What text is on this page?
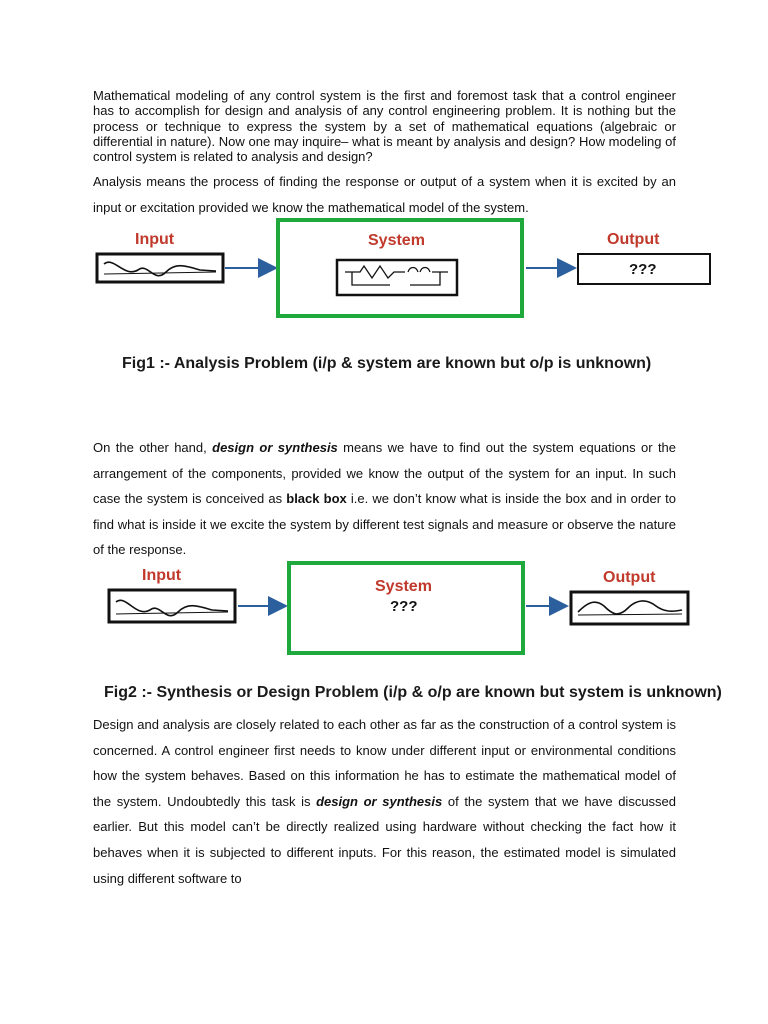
Mathematical modeling of any control system is the first and foremost task that a control engineer has to accomplish for design and analysis of any control engineering problem. It is nothing but the process or technique to express the system by a set of mathematical equations (algebraic or differential in nature). Now one may inquire– what is meant by analysis and design? How modeling of control system is related to analysis and design?

Analysis means the process of finding the response or output of a system when it is excited by an input or excitation provided we know the mathematical model of the system.

Input	System	Output
???

Fig1 :- Analysis Problem (i/p & system are known but o/p is unknown)

On the other hand, design or synthesis means we have to find out the system equations or the arrangement of the components, provided we know the output of the system for an input. In such case the system is conceived as black box i.e. we don’t know what is inside the box and in order to find what is inside it we excite the system by different test signals and measure or observe the nature of the response.

Input
System
???
Output

Fig2 :- Synthesis or Design Problem (i/p & o/p are known but system is unknown)

Design and analysis are closely related to each other as far as the construction of a control system is concerned. A control engineer first needs to know under different input or environmental conditions how the system behaves. Based on this information he has to estimate the mathematical model of the system. Undoubtedly this task is design or synthesis of the system that we have discussed earlier. But this model can’t be directly realized using hardware without checking the fact how it behaves when it is subjected to different inputs. For this reason, the estimated model is simulated using different software to
